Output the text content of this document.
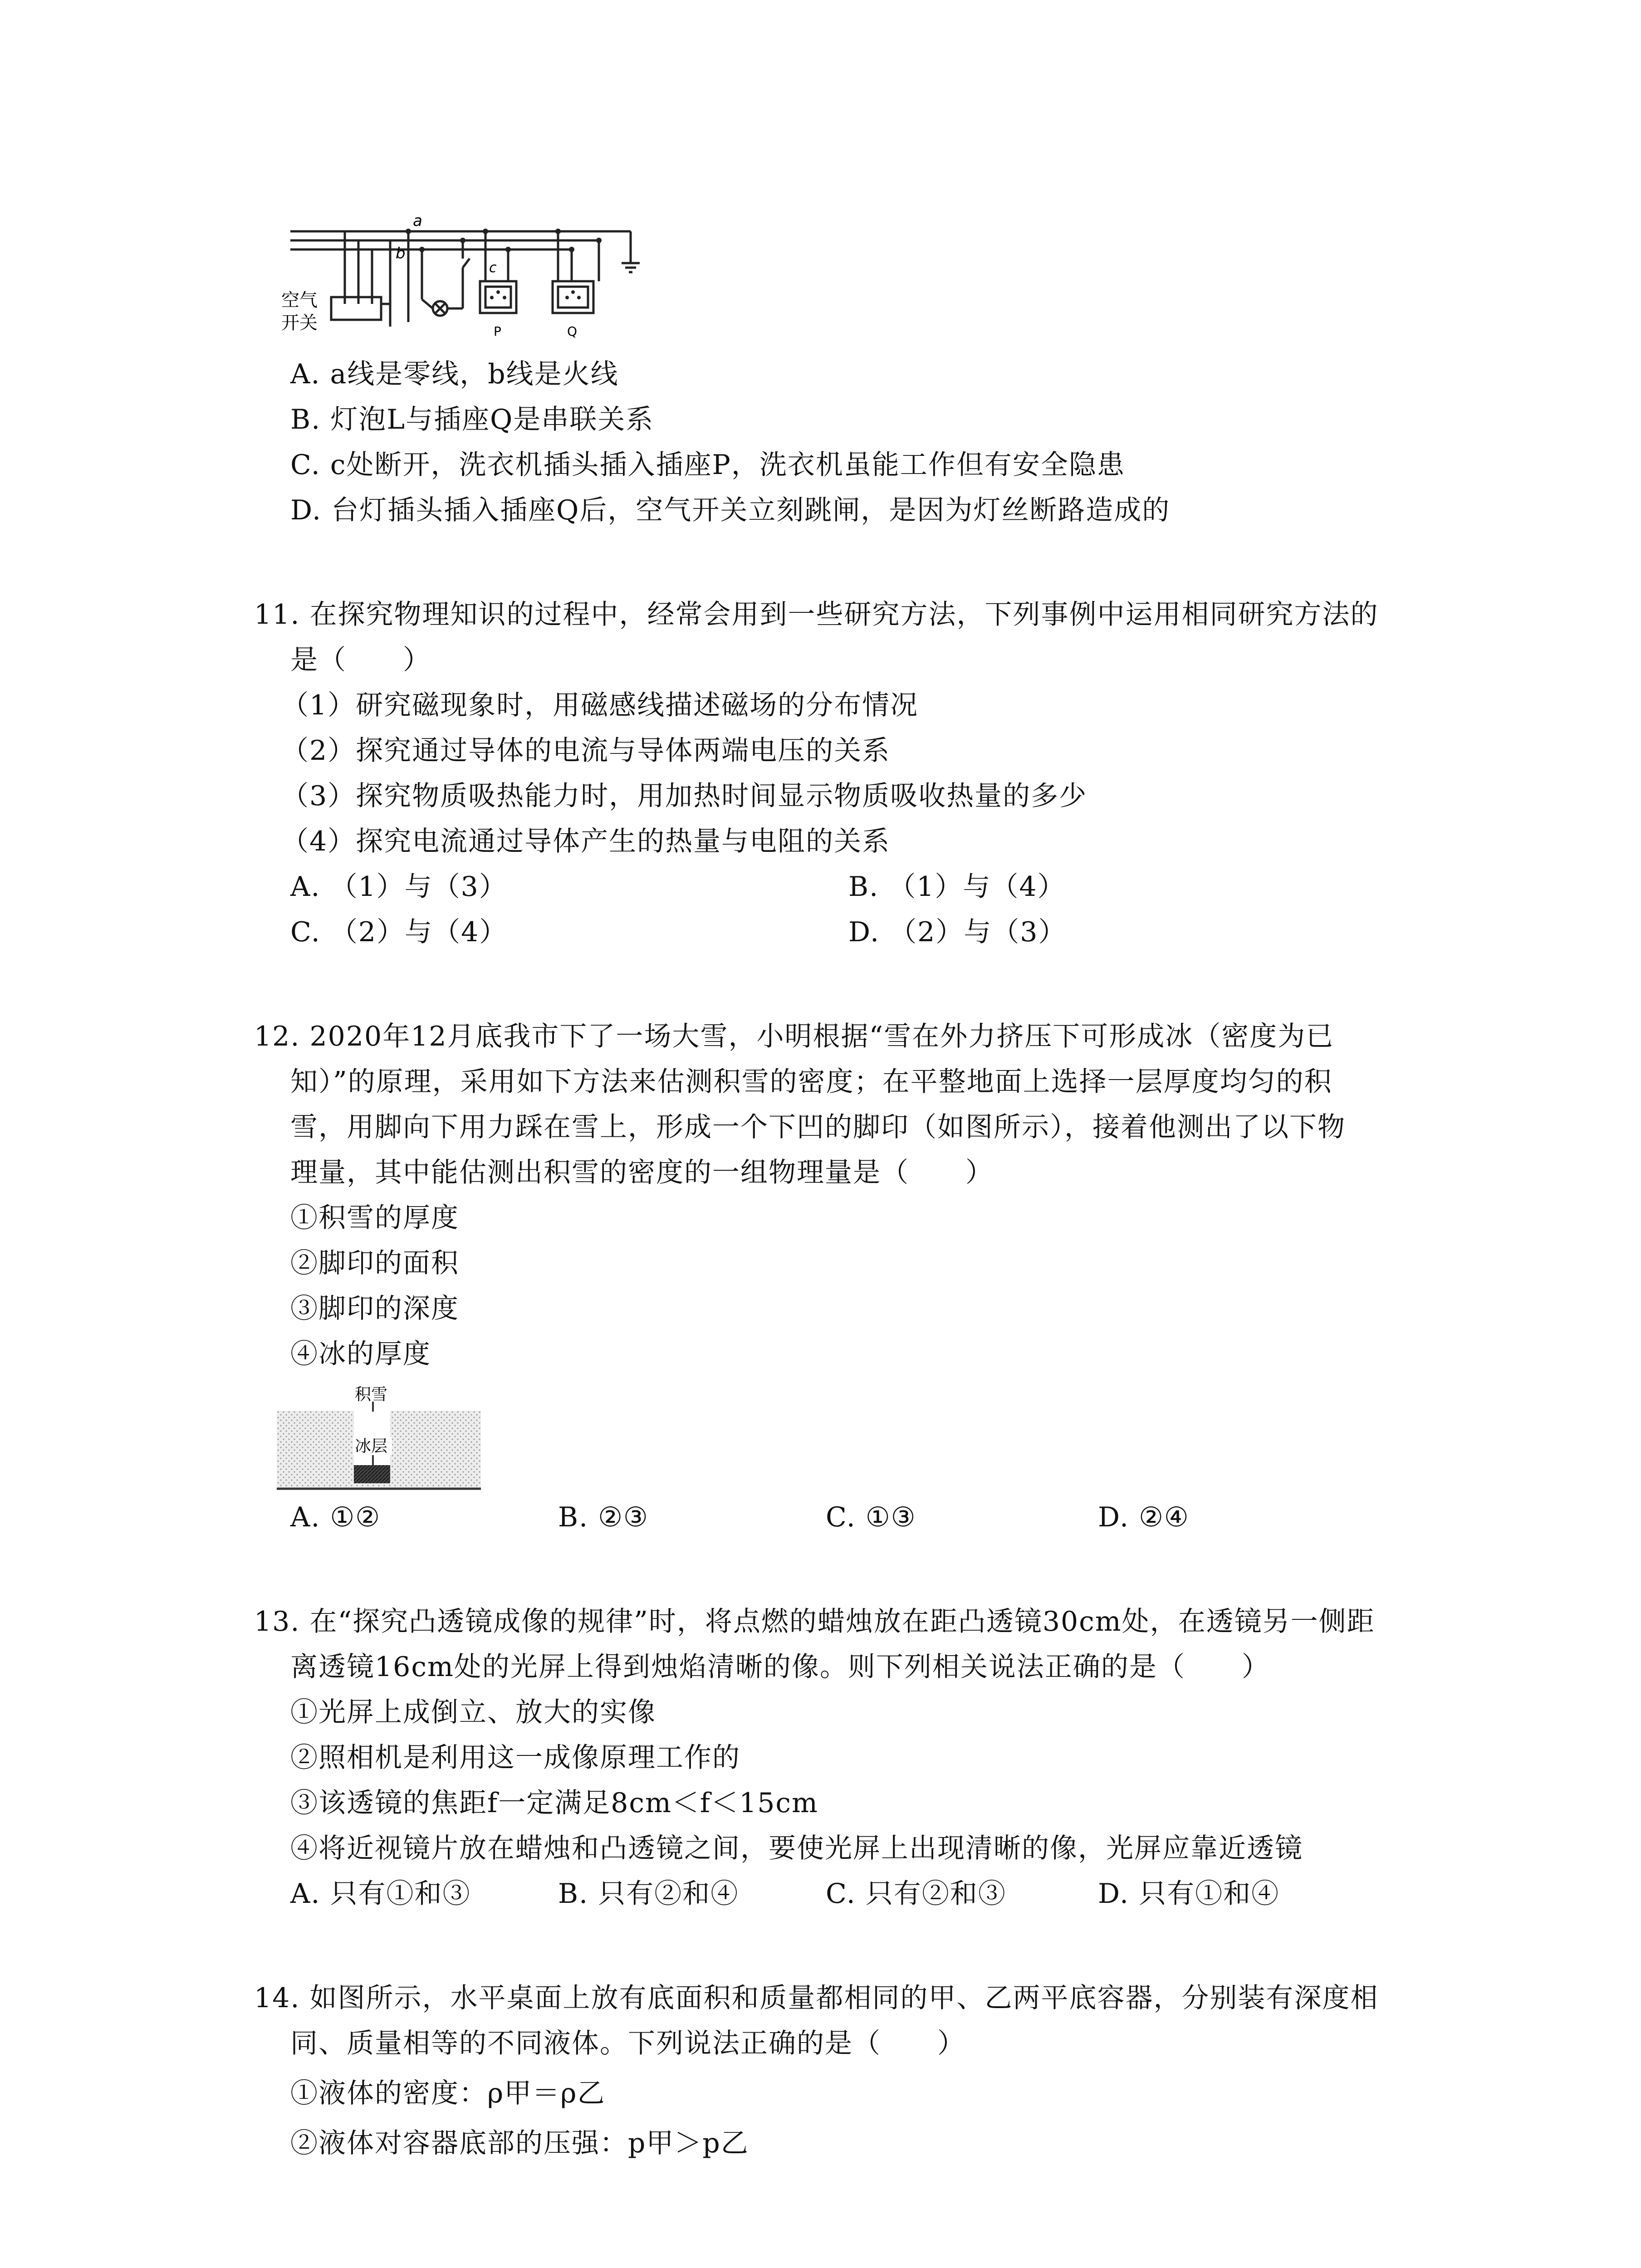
a
b
c
空气
开关	P	Q
A. a线是零线，b线是火线
B. 灯泡L与插座Q是串联关系
C. c处断开，洗衣机插头插入插座P，洗衣机虽能工作但有安全隐患
D. 台灯插头插入插座Q后，空气开关立刻跳闸，是因为灯丝断路造成的
11. 在探究物理知识的过程中，经常会用到一些研究方法，下列事例中运用相同研究方法的
是（　　）
（1）研究磁现象时，用磁感线描述磁场的分布情况
（2）探究通过导体的电流与导体两端电压的关系
（3）探究物质吸热能力时，用加热时间显示物质吸收热量的多少
（4）探究电流通过导体产生的热量与电阻的关系
A. （1）与（3）	B. （1）与（4）
C. （2）与（4）	D. （2）与（3）
12. 2020年12月底我市下了一场大雪，小明根据“雪在外力挤压下可形成冰（密度为已
知）”的原理，采用如下方法来估测积雪的密度；在平整地面上选择一层厚度均匀的积
雪，用脚向下用力踩在雪上，形成一个下凹的脚印（如图所示），接着他测出了以下物
理量，其中能估测出积雪的密度的一组物理量是（　　）
①积雪的厚度
②脚印的面积
③脚印的深度
④冰的厚度
积雪
冰层
A. ①②	B. ②③	C. ①③	D. ②④
13. 在“探究凸透镜成像的规律”时，将点燃的蜡烛放在距凸透镜30cm处，在透镜另一侧距
离透镜16cm处的光屏上得到烛焰清晰的像。则下列相关说法正确的是（　　）
①光屏上成倒立、放大的实像
②照相机是利用这一成像原理工作的
③该透镜的焦距f一定满足8cm＜f＜15cm
④将近视镜片放在蜡烛和凸透镜之间，要使光屏上出现清晰的像，光屏应靠近透镜
A. 只有①和③	B. 只有②和④	C. 只有②和③	D. 只有①和④
14. 如图所示，水平桌面上放有底面积和质量都相同的甲、乙两平底容器，分别装有深度相
同、质量相等的不同液体。下列说法正确的是（　　）
①液体的密度：ρ甲＝ρ乙
②液体对容器底部的压强：p甲＞p乙
